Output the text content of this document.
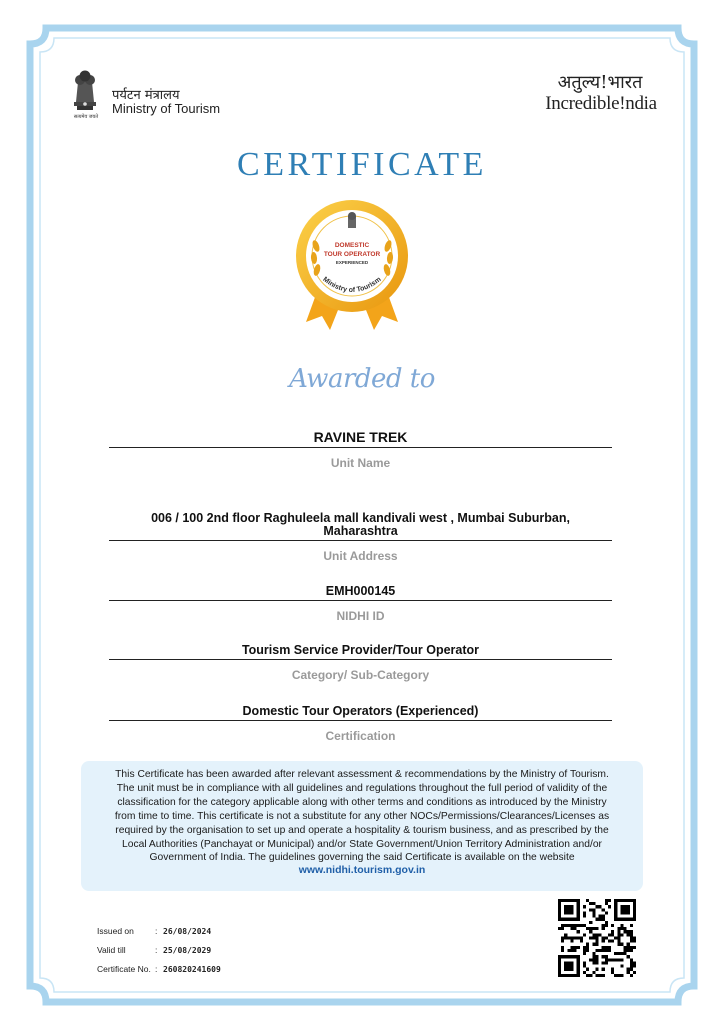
सत्यमेव जयते
पर्यटन मंत्रालय
Ministry of Tourism
अतुल्य!भारत
Incredible!ndia
CERTIFICATE
Ministry of Tourism
DOMESTIC
TOUR OPERATOR
EXPERIENCED
Awarded to
RAVINE TREK
Unit Name
006 / 100 2nd floor Raghuleela mall kandivali west , Mumbai Suburban,
Maharashtra
Unit Address
EMH000145
NIDHI ID
Tourism Service Provider/Tour Operator
Category/ Sub-Category
Domestic Tour Operators (Experienced)
Certification
This Certificate has been awarded after relevant assessment & recommendations by the Ministry of Tourism.
The unit must be in compliance with all guidelines and regulations throughout the full period of validity of the
classification for the category applicable along with other terms and conditions as introduced by the Ministry
from time to time. This certificate is not a substitute for any other NOCs/Permissions/Clearances/Licenses as
required by the organisation to set up and operate a hospitality & tourism business, and as prescribed by the
Local Authorities (Panchayat or Municipal) and/or State Government/Union Territory Administration and/or
Government of India. The guidelines governing the said Certificate is available on the website
www.nidhi.tourism.gov.in
Issued on : 26/08/2024
Valid till	: 25/08/2029
Certificate No. : 260820241609
